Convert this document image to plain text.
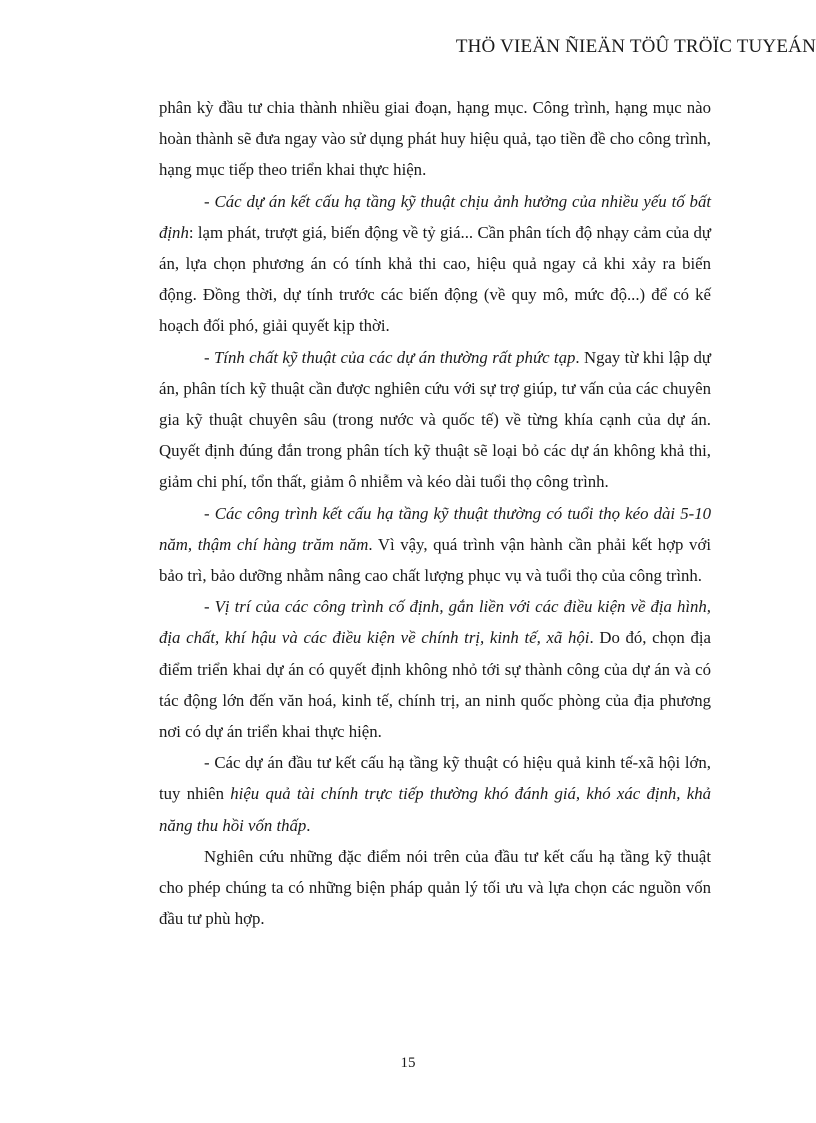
THÖ VIEÄN ÑIEÄN TÖÛ TRÖÏC TUYEÁN

phân kỳ đầu tư chia thành nhiều giai đoạn, hạng mục. Công trình, hạng mục nào hoàn thành sẽ đưa ngay vào sử dụng phát huy hiệu quả, tạo tiền đề cho công trình, hạng mục tiếp theo triển khai thực hiện.

- Các dự án kết cấu hạ tầng kỹ thuật chịu ảnh hưởng của nhiều yếu tố bất định: lạm phát, trượt giá, biến động về tỷ giá... Cần phân tích độ nhạy cảm của dự án, lựa chọn phương án có tính khả thi cao, hiệu quả ngay cả khi xảy ra biến động. Đồng thời, dự tính trước các biến động (về quy mô, mức độ...) để có kế hoạch đối phó, giải quyết kịp thời.

- Tính chất kỹ thuật của các dự án thường rất phức tạp. Ngay từ khi lập dự án, phân tích kỹ thuật cần được nghiên cứu với sự trợ giúp, tư vấn của các chuyên gia kỹ thuật chuyên sâu (trong nước và quốc tế) về từng khía cạnh của dự án. Quyết định đúng đắn trong phân tích kỹ thuật sẽ loại bỏ các dự án không khả thi, giảm chi phí, tổn thất, giảm ô nhiễm và kéo dài tuổi thọ công trình.

- Các công trình kết cấu hạ tầng kỹ thuật thường có tuổi thọ kéo dài 5-10 năm, thậm chí hàng trăm năm. Vì vậy, quá trình vận hành cần phải kết hợp với bảo trì, bảo dưỡng nhằm nâng cao chất lượng phục vụ và tuổi thọ của công trình.

- Vị trí của các công trình cố định, gắn liền với các điều kiện về địa hình, địa chất, khí hậu và các điều kiện về chính trị, kinh tế, xã hội. Do đó, chọn địa điểm triển khai dự án có quyết định không nhỏ tới sự thành công của dự án và có tác động lớn đến văn hoá, kinh tế, chính trị, an ninh quốc phòng của địa phương nơi có dự án triển khai thực hiện.

- Các dự án đầu tư kết cấu hạ tầng kỹ thuật có hiệu quả kinh tế-xã hội lớn, tuy nhiên hiệu quả tài chính trực tiếp thường khó đánh giá, khó xác định, khả năng thu hồi vốn thấp.

Nghiên cứu những đặc điểm nói trên của đầu tư kết cấu hạ tầng kỹ thuật cho phép chúng ta có những biện pháp quản lý tối ưu và lựa chọn các nguồn vốn đầu tư phù hợp.

15
